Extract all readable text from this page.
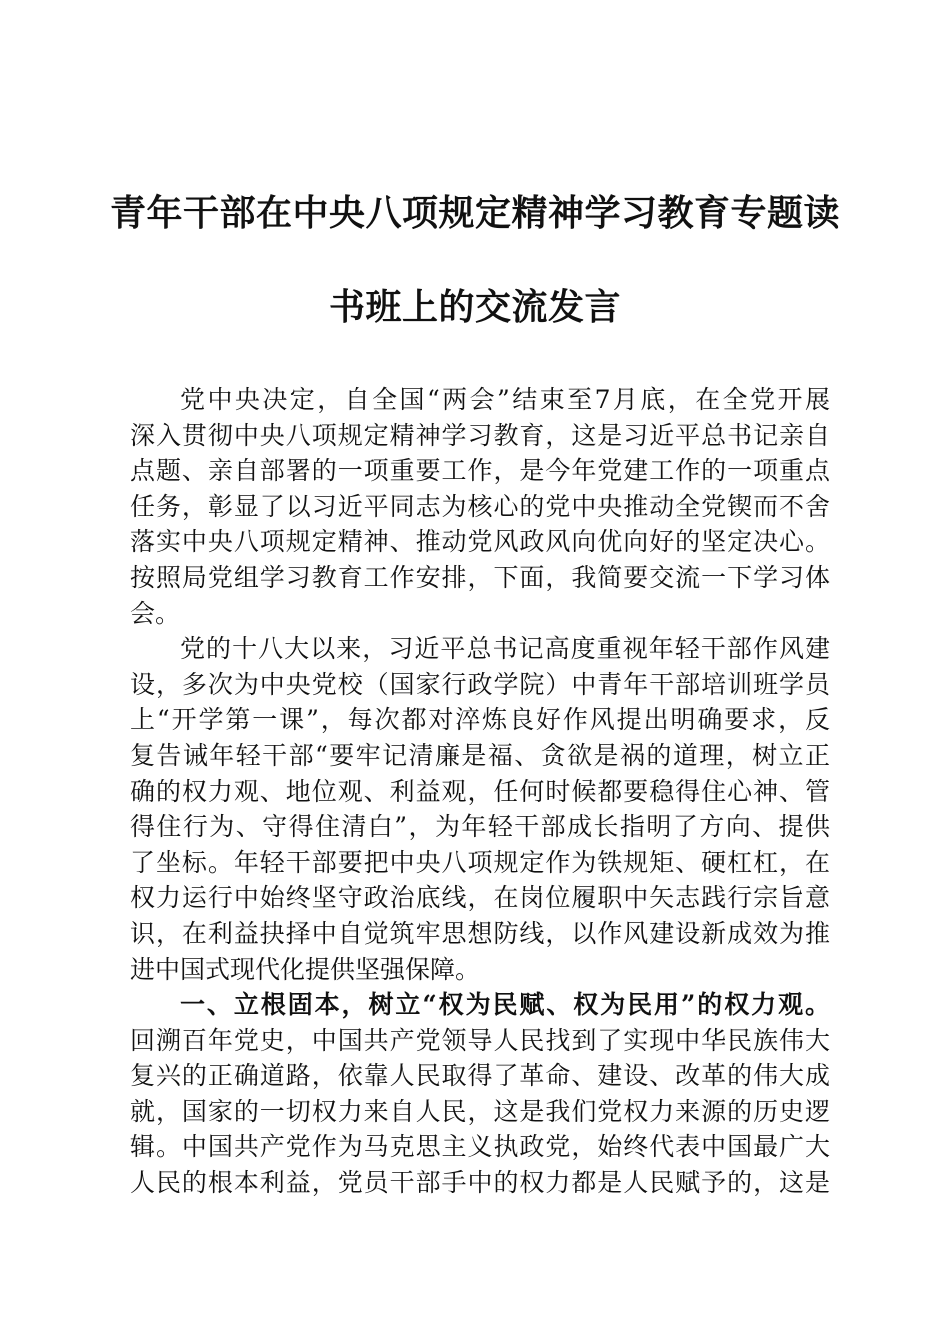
青年干部在中央八项规定精神学习教育专题读
书班上的交流发言
党中央决定，自全国“两会”结束至7月底，在全党开展
深入贯彻中央八项规定精神学习教育，这是习近平总书记亲自
点题、亲自部署的一项重要工作，是今年党建工作的一项重点
任务，彰显了以习近平同志为核心的党中央推动全党锲而不舍
落实中央八项规定精神、推动党风政风向优向好的坚定决心。
按照局党组学习教育工作安排，下面，我简要交流一下学习体
会。
党的十八大以来，习近平总书记高度重视年轻干部作风建
设，多次为中央党校（国家行政学院）中青年干部培训班学员
上“开学第一课”，每次都对淬炼良好作风提出明确要求，反
复告诫年轻干部“要牢记清廉是福、贪欲是祸的道理，树立正
确的权力观、地位观、利益观，任何时候都要稳得住心神、管
得住行为、守得住清白”，为年轻干部成长指明了方向、提供
了坐标。年轻干部要把中央八项规定作为铁规矩、硬杠杠，在
权力运行中始终坚守政治底线，在岗位履职中矢志践行宗旨意
识，在利益抉择中自觉筑牢思想防线，以作风建设新成效为推
进中国式现代化提供坚强保障。
一、立根固本，树立“权为民赋、权为民用”的权力观。
回溯百年党史，中国共产党领导人民找到了实现中华民族伟大
复兴的正确道路，依靠人民取得了革命、建设、改革的伟大成
就，国家的一切权力来自人民，这是我们党权力来源的历史逻
辑。中国共产党作为马克思主义执政党，始终代表中国最广大
人民的根本利益，党员干部手中的权力都是人民赋予的，这是
